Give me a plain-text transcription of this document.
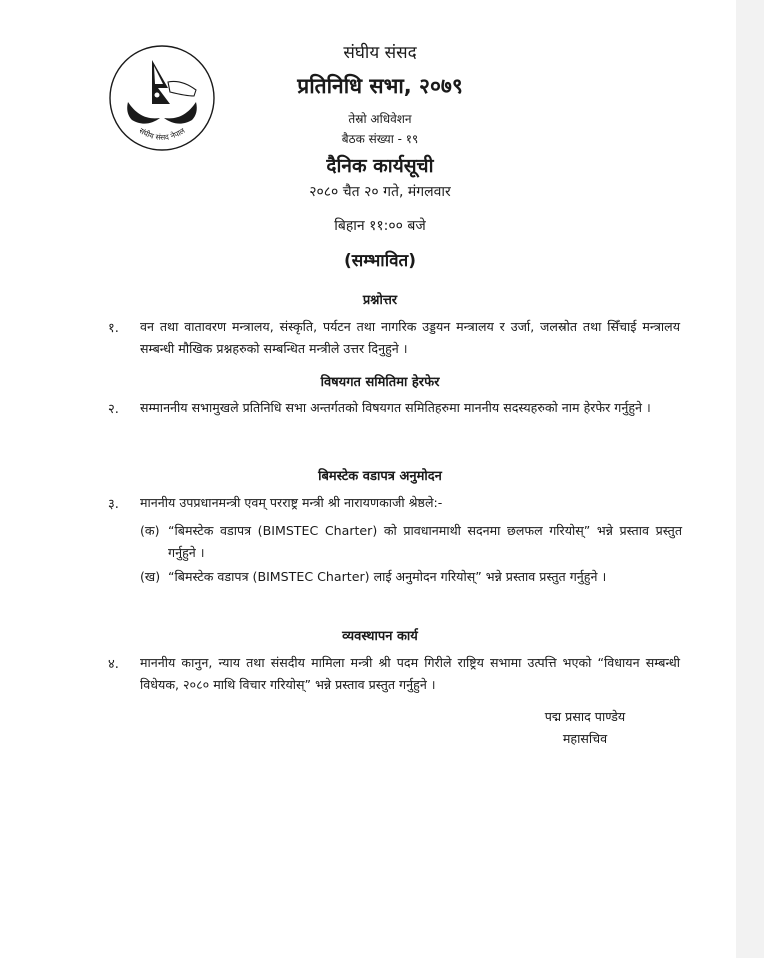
संघीय संसद नेपाल
संघीय संसद
प्रतिनिधि सभा, २०७९
तेस्रो अधिवेशन
बैठक संख्या - १९
दैनिक कार्यसूची
२०८० चैत २० गते, मंगलवार
बिहान ११:०० बजे
(सम्भावित)
प्रश्नोत्तर
१. वन तथा वातावरण मन्त्रालय, संस्कृति, पर्यटन तथा नागरिक उड्डयन मन्त्रालय र उर्जा, जलस्रोत तथा सिँचाई मन्त्रालय सम्बन्धी मौखिक प्रश्नहरुको सम्बन्धित मन्त्रीले उत्तर दिनुहुने ।
विषयगत समितिमा हेरफेर
२. सम्माननीय सभामुखले प्रतिनिधि सभा अन्तर्गतको विषयगत समितिहरुमा माननीय सदस्यहरुको नाम हेरफेर गर्नुहुने ।
बिमस्टेक वडापत्र अनुमोदन
३. माननीय उपप्रधानमन्त्री एवम् परराष्ट्र मन्त्री श्री नारायणकाजी श्रेष्ठले:-
(क) “बिमस्टेक वडापत्र (BIMSTEC Charter) को प्रावधानमाथी सदनमा छलफल गरियोस्” भन्ने प्रस्ताव प्रस्तुत गर्नुहुने ।
(ख) “बिमस्टेक वडापत्र (BIMSTEC Charter) लाई अनुमोदन गरियोस्” भन्ने प्रस्ताव प्रस्तुत गर्नुहुने ।
व्यवस्थापन कार्य
४. माननीय कानुन, न्याय तथा संसदीय मामिला मन्त्री श्री पदम गिरीले राष्ट्रिय सभामा उत्पत्ति भएको “विधायन सम्बन्धी विधेयक, २०८० माथि विचार गरियोस्” भन्ने प्रस्ताव प्रस्तुत गर्नुहुने ।
पद्म प्रसाद पाण्डेय
महासचिव
